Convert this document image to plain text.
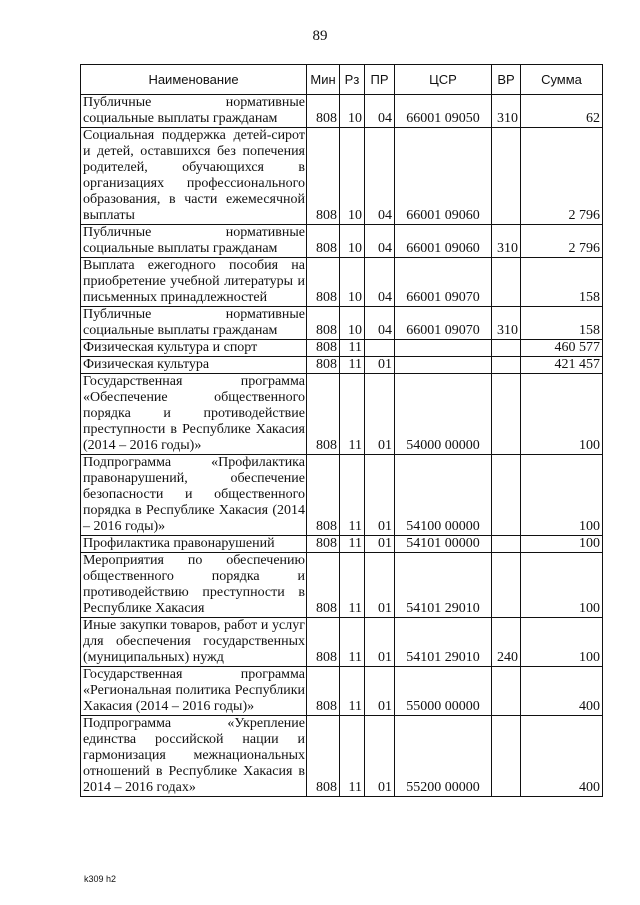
89
Наименование	Мин	Рз	ПР	ЦСР	ВР	Сумма
Публичные нормативные социальные выплаты гражданам	808	10	04	66001 09050	310	62
Социальная поддержка детей-сирот и детей, оставшихся без попечения родителей, обучающихся в организациях профессионального образования, в части ежемесячной выплаты	808	10	04	66001 09060		2 796
Публичные нормативные социальные выплаты гражданам	808	10	04	66001 09060	310	2 796
Выплата ежегодного пособия на приобретение учебной литературы и письменных принадлежностей	808	10	04	66001 09070		158
Публичные нормативные социальные выплаты гражданам	808	10	04	66001 09070	310	158
Физическая культура и спорт	808	11				460 577
Физическая культура	808	11	01			421 457
Государственная программа «Обеспечение общественного порядка и противодействие преступности в Республике Хакасия (2014 – 2016 годы)»	808	11	01	54000 00000		100
Подпрограмма «Профилактика правонарушений, обеспечение безопасности и общественного порядка в Республике Хакасия (2014 – 2016 годы)»	808	11	01	54100 00000		100
Профилактика правонарушений	808	11	01	54101 00000		100
Мероприятия по обеспечению общественного порядка и противодействию преступности в Республике Хакасия	808	11	01	54101 29010		100
Иные закупки товаров, работ и услуг для обеспечения государственных (муниципальных) нужд	808	11	01	54101 29010	240	100
Государственная программа «Региональная политика Республики Хакасия (2014 – 2016 годы)»	808	11	01	55000 00000		400
Подпрограмма «Укрепление единства российской нации и гармонизация межнациональных отношений в Республике Хакасия в 2014 – 2016 годах»	808	11	01	55200 00000		400
k309 h2
